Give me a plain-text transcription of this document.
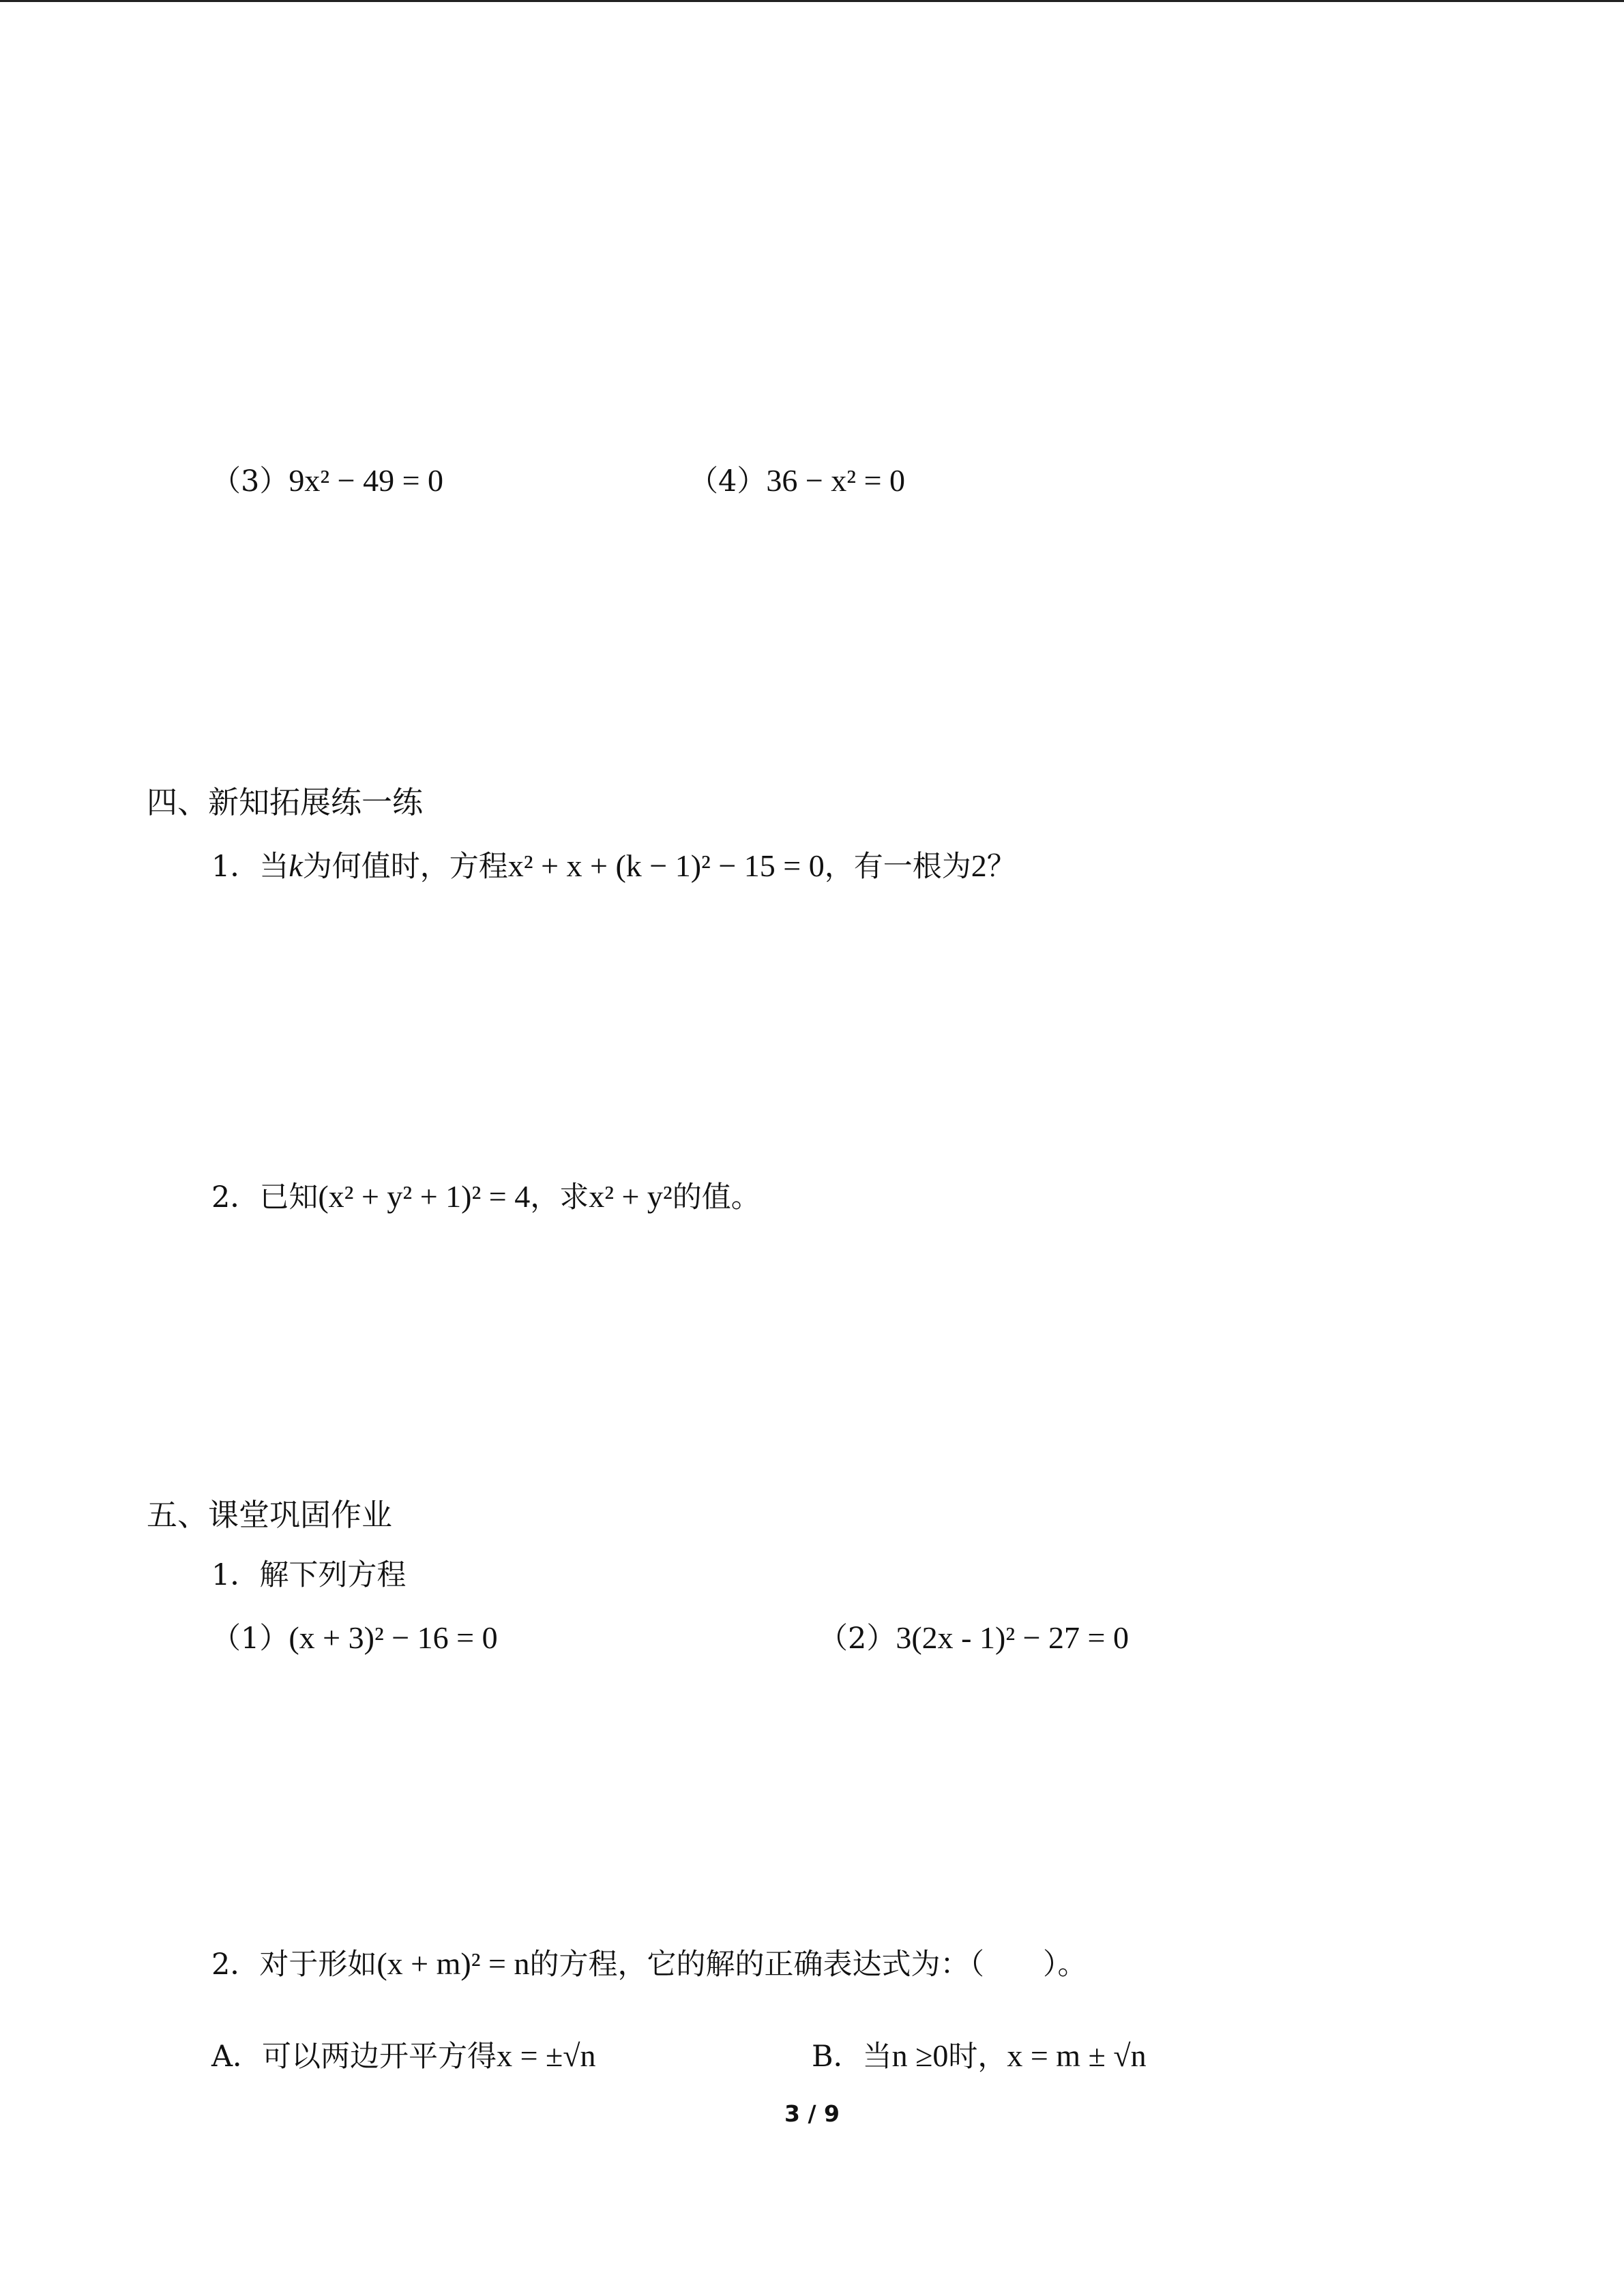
（3）9x² − 49 = 0	（4）36 − x² = 0
四、新知拓展练一练
1．当k为何值时，方程x² + x + (k − 1)² − 15 = 0，有一根为2？
2．已知(x² + y² + 1)² = 4，求x² + y²的值。
五、课堂巩固作业
1．解下列方程
（1）(x + 3)² − 16 = 0	（2）3(2x - 1)² − 27 = 0
2．对于形如(x + m)² = n的方程，它的解的正确表达式为：（　　）。
A．可以两边开平方得x = ±√n	B．当n ≥0时，x = m ± √n
3 / 9
